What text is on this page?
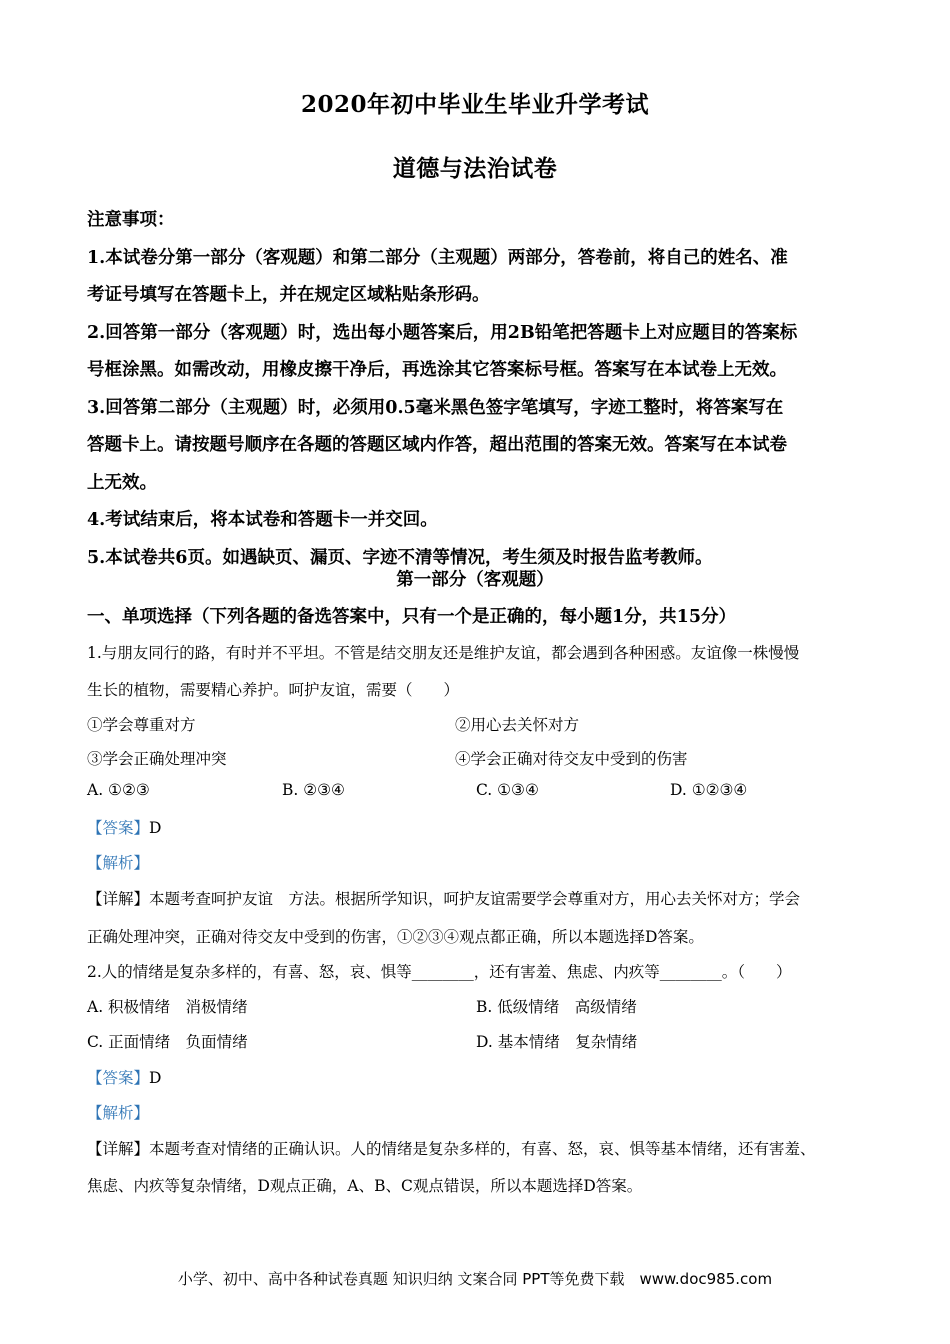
2020年初中毕业生毕业升学考试
道德与法治试卷

注意事项：

1.本试卷分第一部分（客观题）和第二部分（主观题）两部分，答卷前，将自己的姓名、准

考证号填写在答题卡上，并在规定区域粘贴条形码。

2.回答第一部分（客观题）时，选出每小题答案后，用2B铅笔把答题卡上对应题目的答案标

号框涂黑。如需改动，用橡皮擦干净后，再选涂其它答案标号框。答案写在本试卷上无效。

3.回答第二部分（主观题）时，必须用0.5毫米黑色签字笔填写，字迹工整时，将答案写在

答题卡上。请按题号顺序在各题的答题区域内作答，超出范围的答案无效。答案写在本试卷

上无效。

4.考试结束后，将本试卷和答题卡一并交回。

5.本试卷共6页。如遇缺页、漏页、字迹不清等情况，考生须及时报告监考教师。

第一部分（客观题）
一、单项选择（下列各题的备选答案中，只有一个是正确的，每小题1分，共15分）
1.与朋友同行的路，有时并不平坦。不管是结交朋友还是维护友谊，都会遇到各种困惑。友谊像一株慢慢
生长的植物，需要精心养护。呵护友谊，需要（　　）
①学会尊重对方	②用心去关怀对方
③学会正确处理冲突	④学会正确对待交友中受到的伤害
A. ①②③	B. ②③④	C. ①③④	D. ①②③④
【答案】D
【解析】
【详解】本题考查呵护友谊　方法。根据所学知识，呵护友谊需要学会尊重对方，用心去关怀对方；学会
正确处理冲突，正确对待交友中受到的伤害，①②③④观点都正确，所以本题选择D答案。
2.人的情绪是复杂多样的，有喜、怒，哀、惧等________，还有害羞、焦虑、内疚等________。（　　）
A. 积极情绪　消极情绪	B. 低级情绪　高级情绪
C. 正面情绪　负面情绪	D. 基本情绪　复杂情绪
【答案】D
【解析】
【详解】本题考查对情绪的正确认识。人的情绪是复杂多样的，有喜、怒，哀、惧等基本情绪，还有害羞、
焦虑、内疚等复杂情绪，D观点正确，A、B、C观点错误，所以本题选择D答案。
小学、初中、高中各种试卷真题 知识归纳 文案合同 PPT等免费下载　www.doc985.com
